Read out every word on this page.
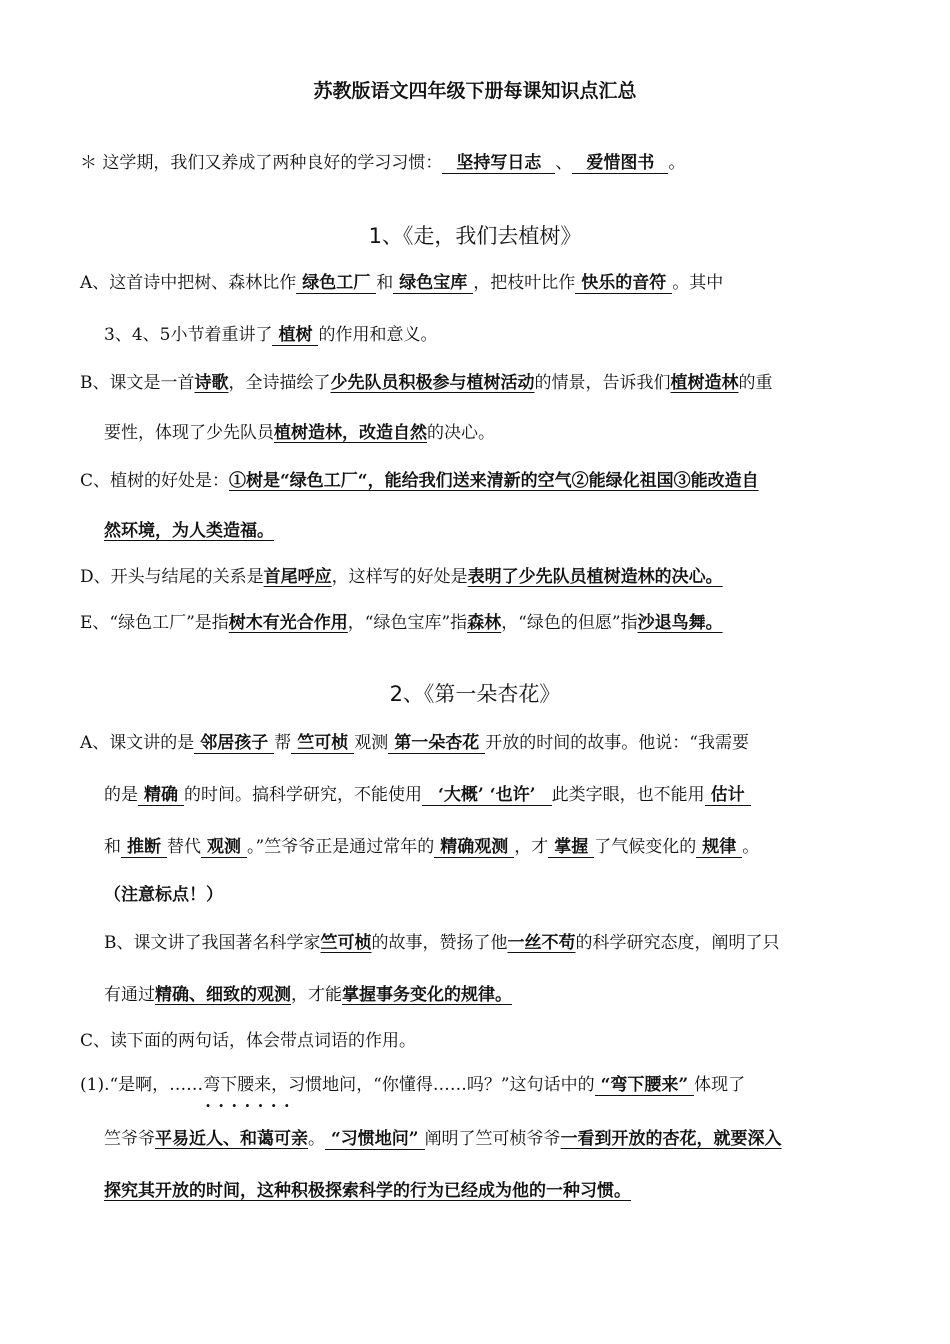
苏教版语文四年级下册每课知识点汇总
＊ 这学期，我们又养成了两种良好的学习习惯： 坚持写日志 、 爱惜图书 。
1、《走，我们去植树》
A、这首诗中把树、森林比作 绿色工厂 和 绿色宝库 ，把枝叶比作 快乐的音符 。其中
3、4、5小节着重讲了 植树 的作用和意义。
B、课文是一首诗歌，全诗描绘了少先队员积极参与植树活动的情景，告诉我们植树造林的重
要性，体现了少先队员植树造林，改造自然的决心。
C、植树的好处是：①树是“绿色工厂“，能给我们送来清新的空气②能绿化祖国③能改造自
然环境，为人类造福。
D、开头与结尾的关系是首尾呼应，这样写的好处是表明了少先队员植树造林的决心。
E、“绿色工厂”是指树木有光合作用，“绿色宝库”指森林，“绿色的但愿”指沙退鸟舞。
2、《第一朵杏花》
A、课文讲的是 邻居孩子 帮 竺可桢 观测 第一朵杏花 开放的时间的故事。他说：“我需要
的是 精确 的时间。搞科学研究，不能使用 ‘大概’ ‘也许’ 此类字眼，也不能用 估计
和 推断 替代 观测 。”竺爷爷正是通过常年的 精确观测 ，才 掌握 了气候变化的 规律 。
（注意标点！）
B、课文讲了我国著名科学家竺可桢的故事，赞扬了他一丝不苟的科学研究态度，阐明了只
有通过精确、细致的观测，才能掌握事务变化的规律。
C、读下面的两句话，体会带点词语的作用。
(1).“是啊，……弯下腰来，习惯地问 · · ，“你懂得……吗？”这句话中的 “弯下腰来” 体现了
竺爷爷平易近人、和蔼可亲。 “习惯地问” 阐明了竺可桢爷爷一看到开放的杏花，就要深入
探究其开放的时间，这种积极探索科学的行为已经成为他的一种习惯。
